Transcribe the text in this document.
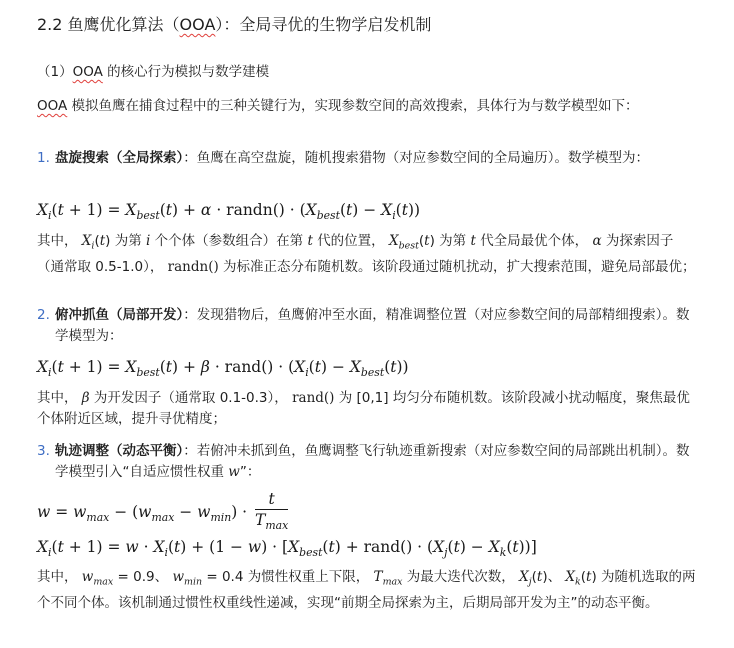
2.2 鱼鹰优化算法（OOA）：全局寻优的生物学启发机制
（1）OOA 的核心行为模拟与数学建模
OOA 模拟鱼鹰在捕食过程中的三种关键行为，实现参数空间的高效搜索，具体行为与数学模型如下：
1. 盘旋搜索（全局探索）：鱼鹰在高空盘旋，随机搜索猎物（对应参数空间的全局遍历）。数学模型为：
$X_i(t + 1) = X_{best}(t) + \alpha$ · randn() · $(X_{best}(t) - X_i(t))$
其中， $X_i(t)$ 为第 i 个个体（参数组合）在第 t 代的位置， $X_{best}(t)$ 为第 t 代全局最优个体， α 为探索因子（通常取 0.5-1.0）， randn() 为标准正态分布随机数。该阶段通过随机扰动，扩大搜索范围，避免局部最优；
2. 俯冲抓鱼（局部开发）：发现猎物后，鱼鹰俯冲至水面，精准调整位置（对应参数空间的局部精细搜索）。数学模型为：
$X_i(t + 1) = X_{best}(t) + \beta$ · rand() · $(X_i(t) - X_{best}(t))$
其中， β 为开发因子（通常取 0.1-0.3）， rand() 为 [0,1] 均匀分布随机数。该阶段减小扰动幅度，聚焦最优个体附近区域，提升寻优精度；
3. 轨迹调整（动态平衡）：若俯冲未抓到鱼，鱼鹰调整飞行轨迹重新搜索（对应参数空间的局部跳出机制）。数学模型引入“自适应惯性权重 w”：
$w = w_{max} - (w_{max} - w_{min}) \cdot \frac{t}{T_{max}}$
$X_i(t + 1) = w \cdot X_i(t) + (1 - w) \cdot [X_{best}(t)$ + rand() · $(X_j(t) - X_k(t))$]
其中， $w_{max} = 0.9$、 $w_{min} = 0.4$ 为惯性权重上下限， $T_{max}$ 为最大迭代次数， $X_j(t)$、 $X_k(t)$ 为随机选取的两个不同个体。该机制通过惯性权重线性递减，实现“前期全局探索为主，后期局部开发为主”的动态平衡。
